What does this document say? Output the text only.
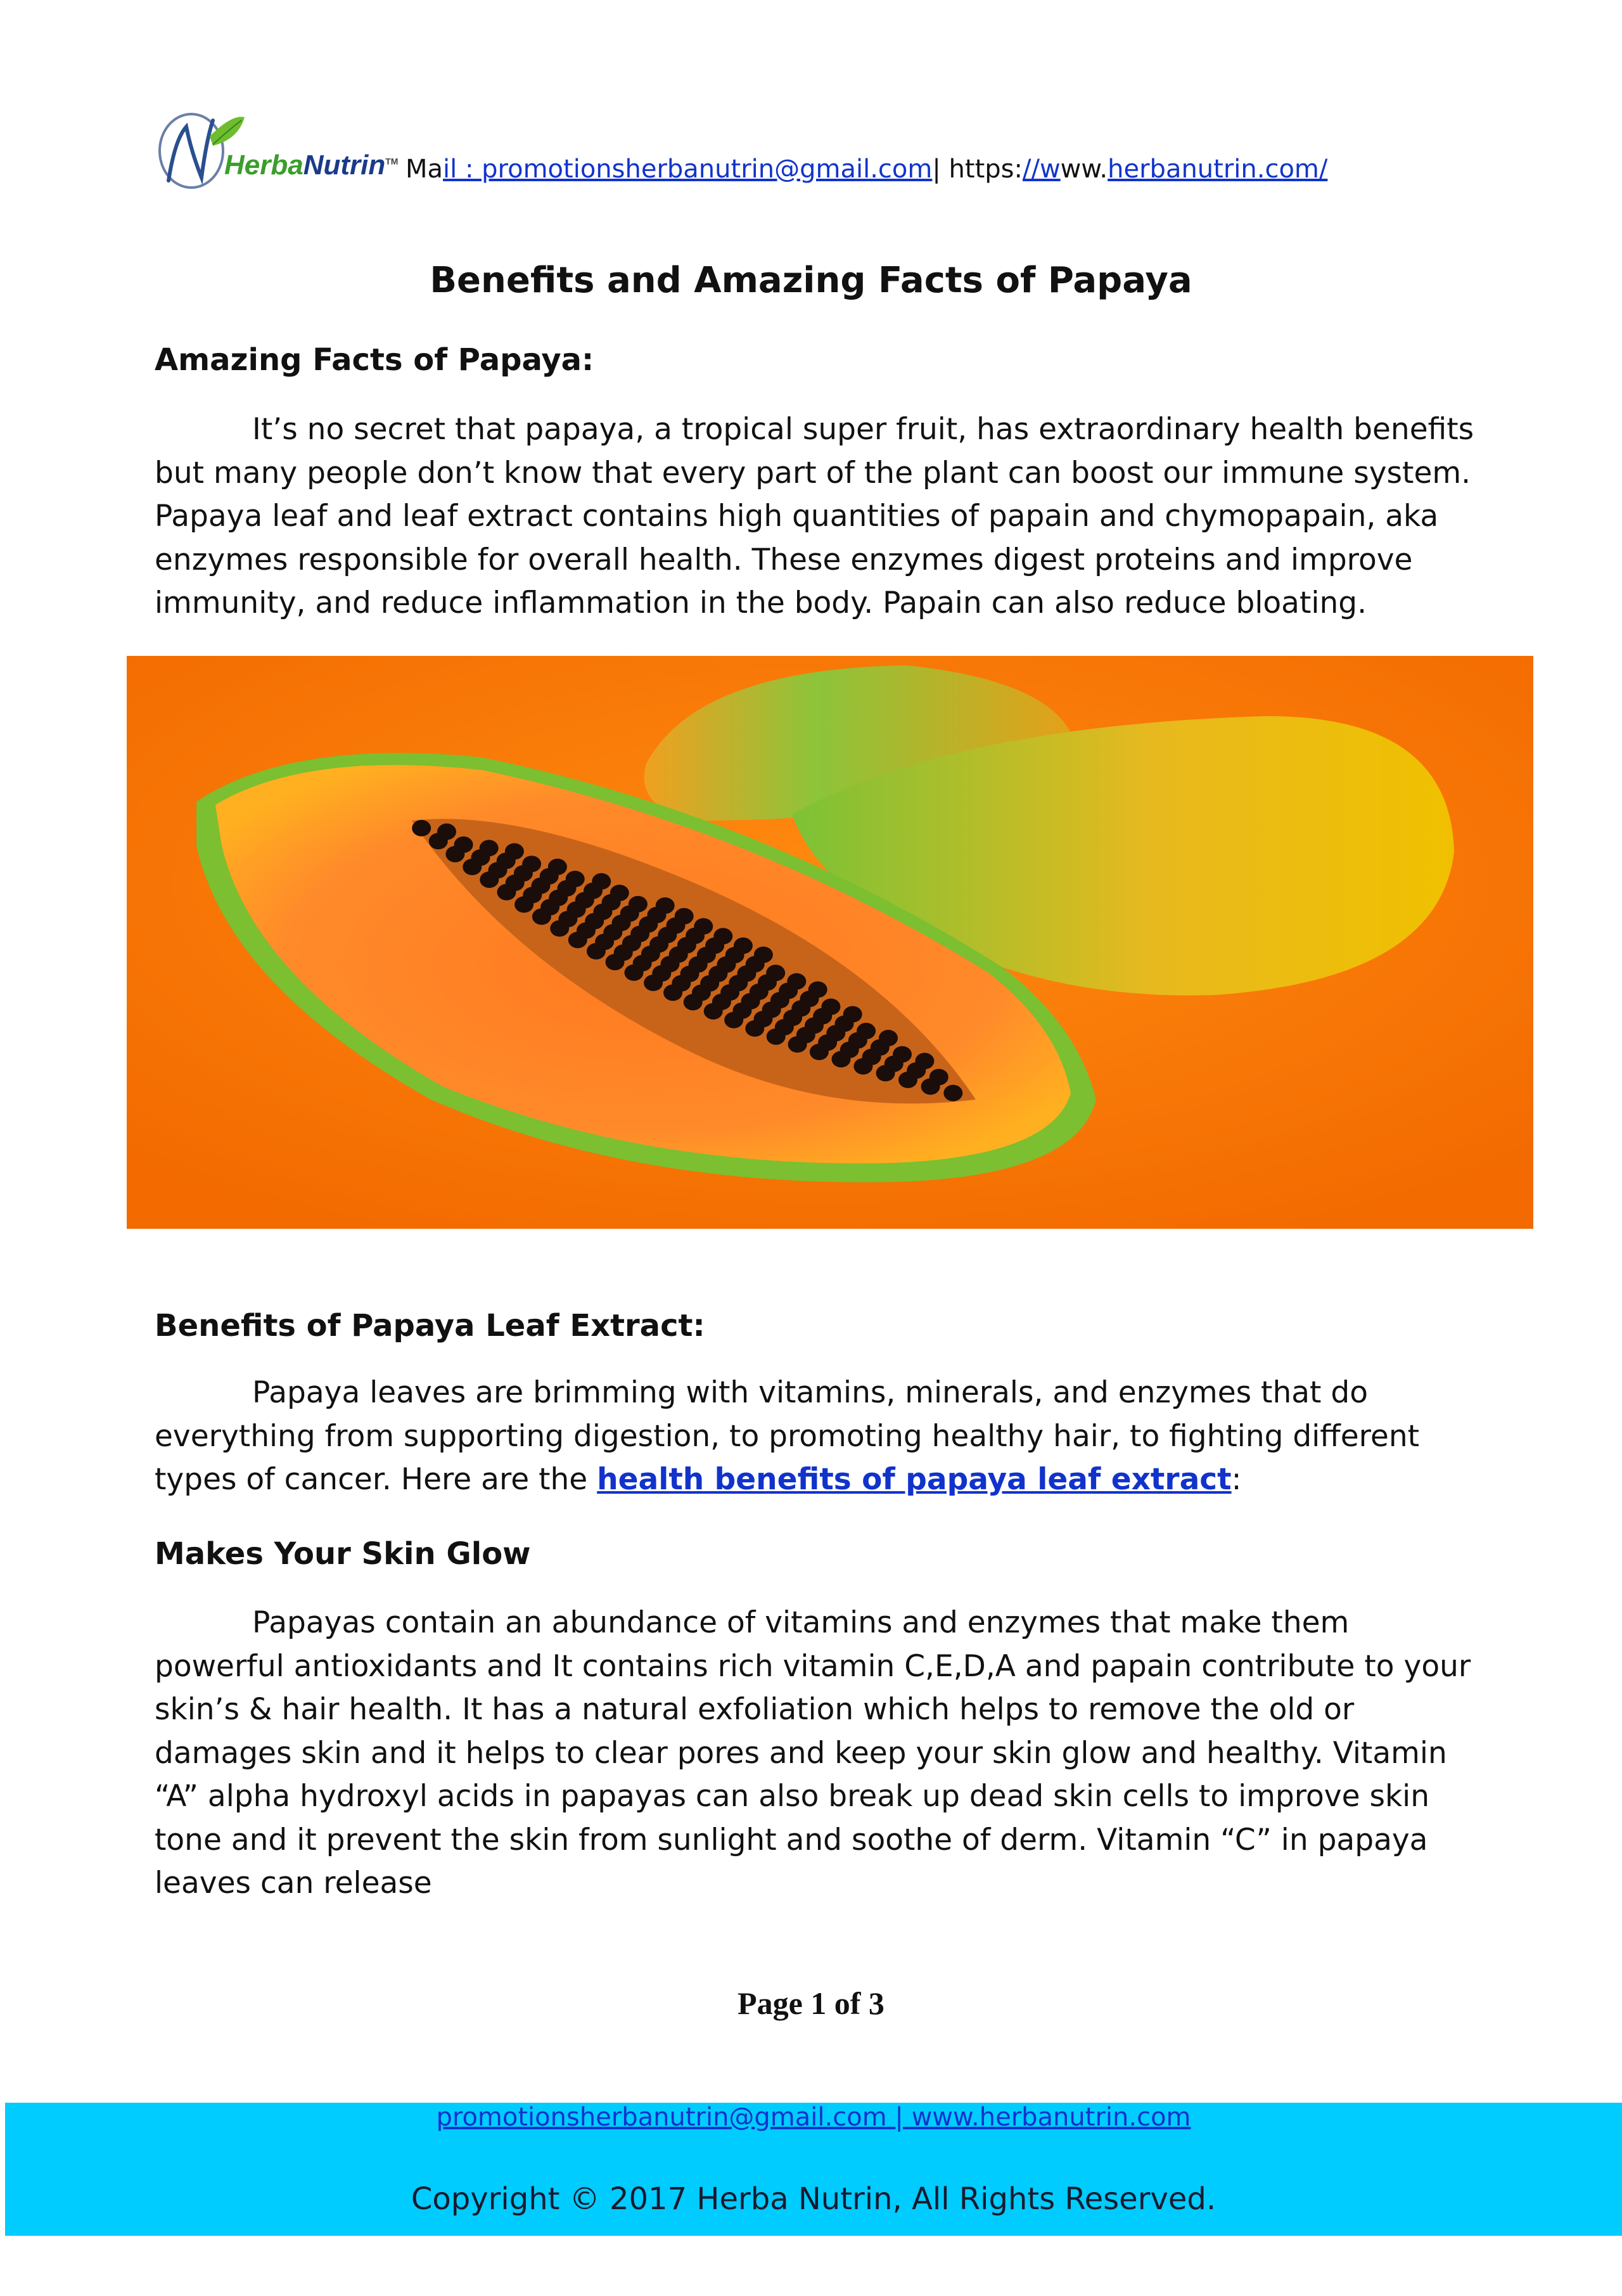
HerbaNutrin™ Mail : promotionsherbanutrin@gmail.com| https://www.herbanutrin.com/
Benefits and Amazing Facts of Papaya
Amazing Facts of Papaya:
It’s no secret that papaya, a tropical super fruit, has extraordinary health benefits but many people don’t know that every part of the plant can boost our immune system. Papaya leaf and leaf extract contains high quantities of papain and chymopapain, aka enzymes responsible for overall health. These enzymes digest proteins and improve immunity, and reduce inflammation in the body. Papain can also reduce bloating.
Benefits of Papaya Leaf Extract:
Papaya leaves are brimming with vitamins, minerals, and enzymes that do everything from supporting digestion, to promoting healthy hair, to fighting different types of cancer. Here are the health benefits of papaya leaf extract:
Makes Your Skin Glow
Papayas contain an abundance of vitamins and enzymes that make them powerful antioxidants and It contains rich vitamin C,E,D,A and papain contribute to your skin’s & hair health. It has a natural exfoliation which helps to remove the old or damages skin and it helps to clear pores and keep your skin glow and healthy. Vitamin “A” alpha hydroxyl acids in papayas can also break up dead skin cells to improve skin tone and it prevent the skin from sunlight and soothe of derm. Vitamin “C” in papaya leaves can release
Page 1 of 3
promotionsherbanutrin@gmail.com | www.herbanutrin.com
Copyright © 2017 Herba Nutrin, All Rights Reserved.
